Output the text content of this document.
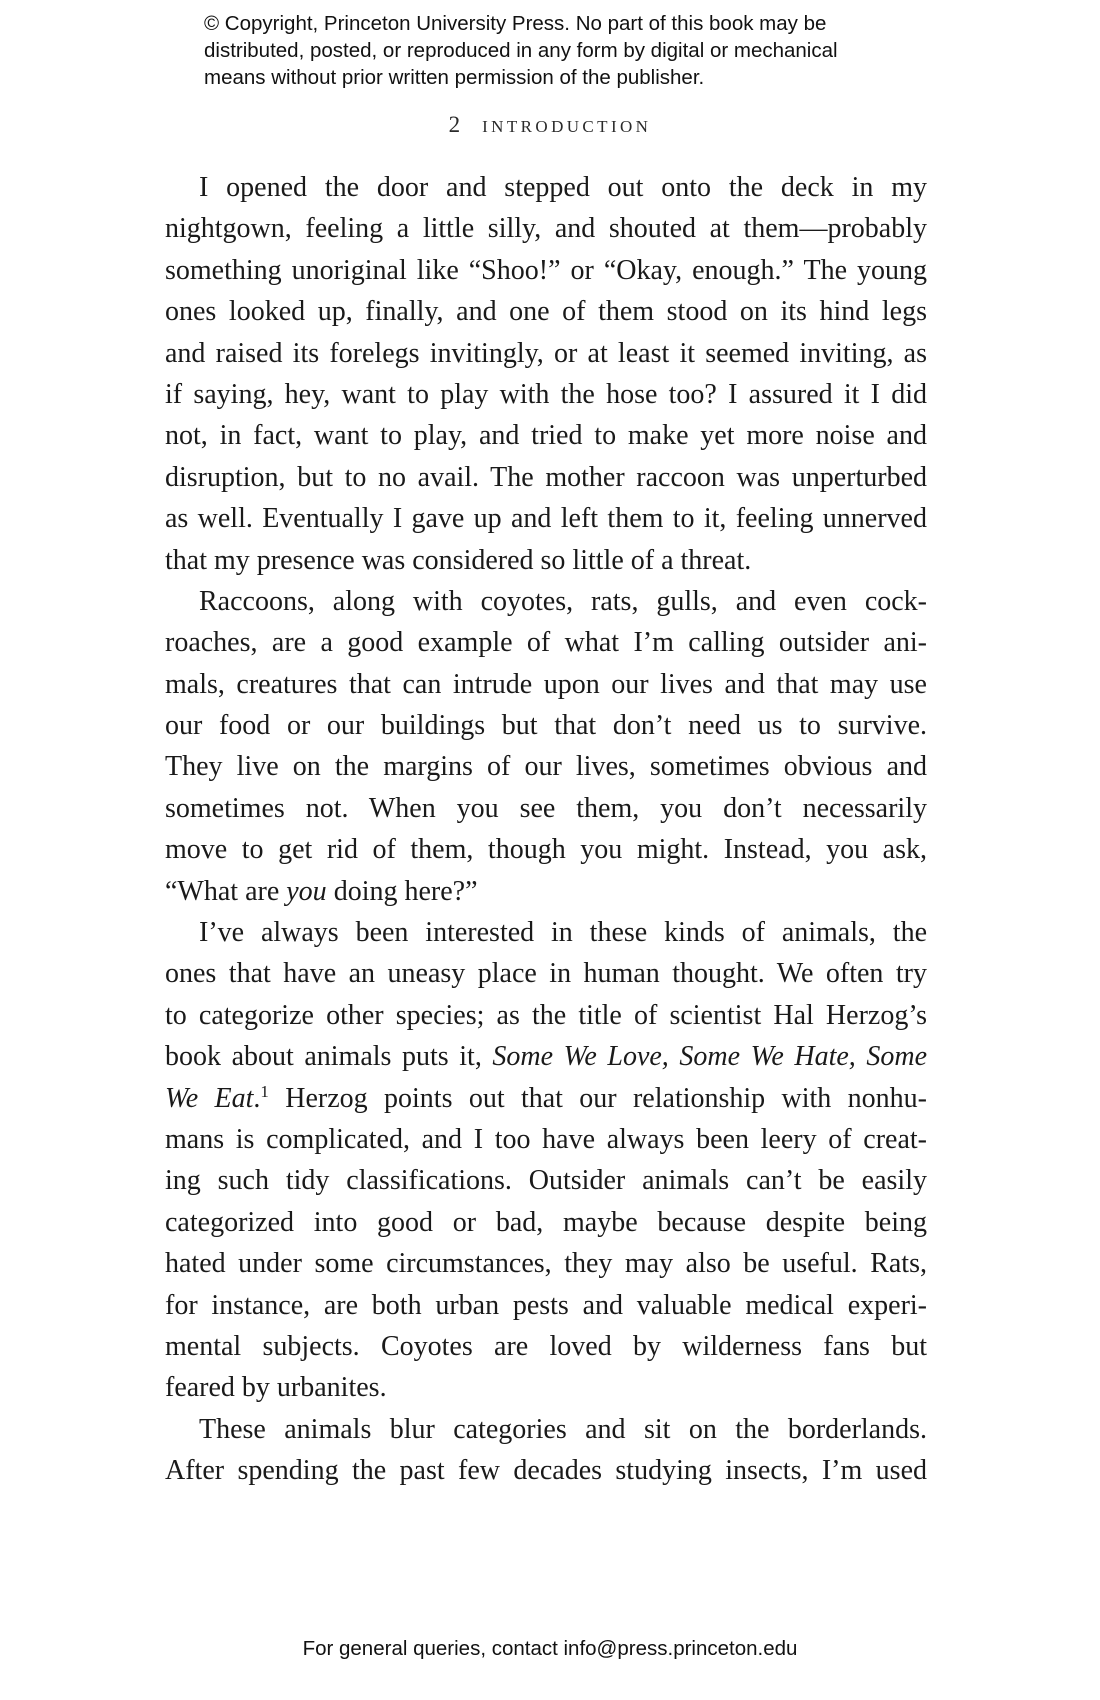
© Copyright, Princeton University Press. No part of this book may be
distributed, posted, or reproduced in any form by digital or mechanical
means without prior written permission of the publisher.
2 INTRODUCTION
I opened the door and stepped out onto the deck in my
nightgown, feeling a little silly, and shouted at them—probably
something unoriginal like “Shoo!” or “Okay, enough.” The young
ones looked up, finally, and one of them stood on its hind legs
and raised its forelegs invitingly, or at least it seemed inviting, as
if saying, hey, want to play with the hose too? I assured it I did
not, in fact, want to play, and tried to make yet more noise and
disruption, but to no avail. The mother raccoon was unperturbed
as well. Eventually I gave up and left them to it, feeling unnerved
that my presence was considered so little of a threat.
Raccoons, along with coyotes, rats, gulls, and even cock-
roaches, are a good example of what I’m calling outsider ani-
mals, creatures that can intrude upon our lives and that may use
our food or our buildings but that don’t need us to survive.
They live on the margins of our lives, sometimes obvious and
sometimes not. When you see them, you don’t necessarily
move to get rid of them, though you might. Instead, you ask,
“What are you doing here?”
I’ve always been interested in these kinds of animals, the
ones that have an uneasy place in human thought. We often try
to categorize other species; as the title of scientist Hal Herzog’s
book about animals puts it, Some We Love, Some We Hate, Some
We Eat.$^1$ Herzog points out that our relationship with nonhu-
mans is complicated, and I too have always been leery of creat-
ing such tidy classifications. Outsider animals can’t be easily
categorized into good or bad, maybe because despite being
hated under some circumstances, they may also be useful. Rats,
for instance, are both urban pests and valuable medical experi-
mental subjects. Coyotes are loved by wilderness fans but
feared by urbanites.
These animals blur categories and sit on the borderlands.
After spending the past few decades studying insects, I’m used
For general queries, contact info@press.princeton.edu
